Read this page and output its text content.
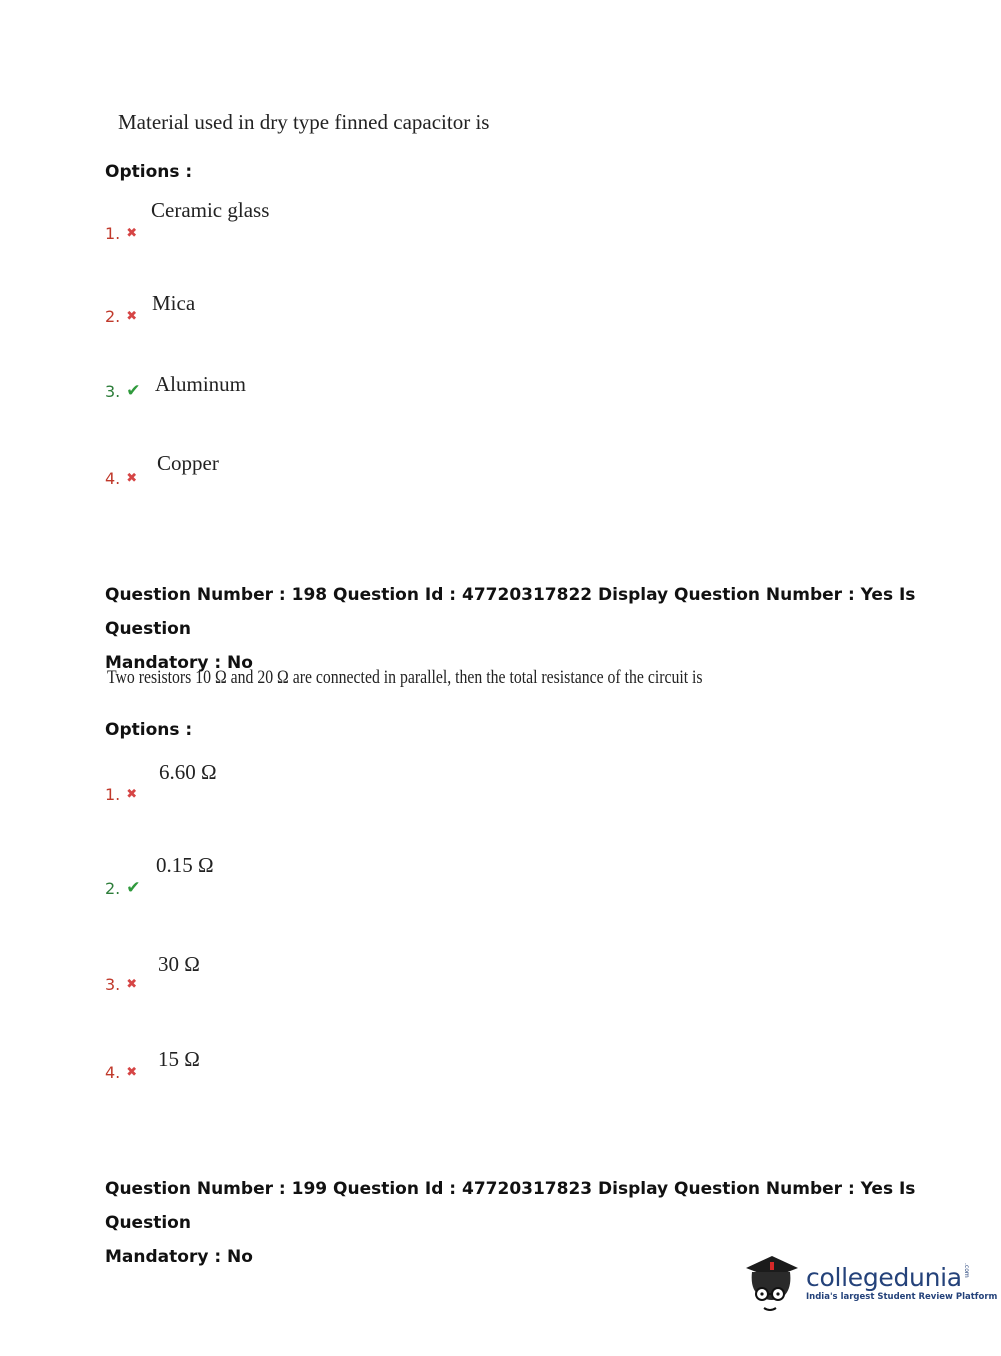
Material used in dry type finned capacitor is
Options :
1. ✖
Ceramic glass
2. ✖
Mica
3. ✔ Aluminum
4. ✖
Copper
Question Number : 198 Question Id : 47720317822 Display Question Number : Yes Is Question
Mandatory : No
Two resistors 10 Ω and 20 Ω are connected in parallel, then the total resistance of the circuit is
Options :
1. ✖
6.60 Ω
2. ✔
0.15 Ω
3. ✖
30 Ω
4. ✖
15 Ω
Question Number : 199 Question Id : 47720317823 Display Question Number : Yes Is Question
Mandatory : No
collegedunia .com
India's largest Student Review Platform
